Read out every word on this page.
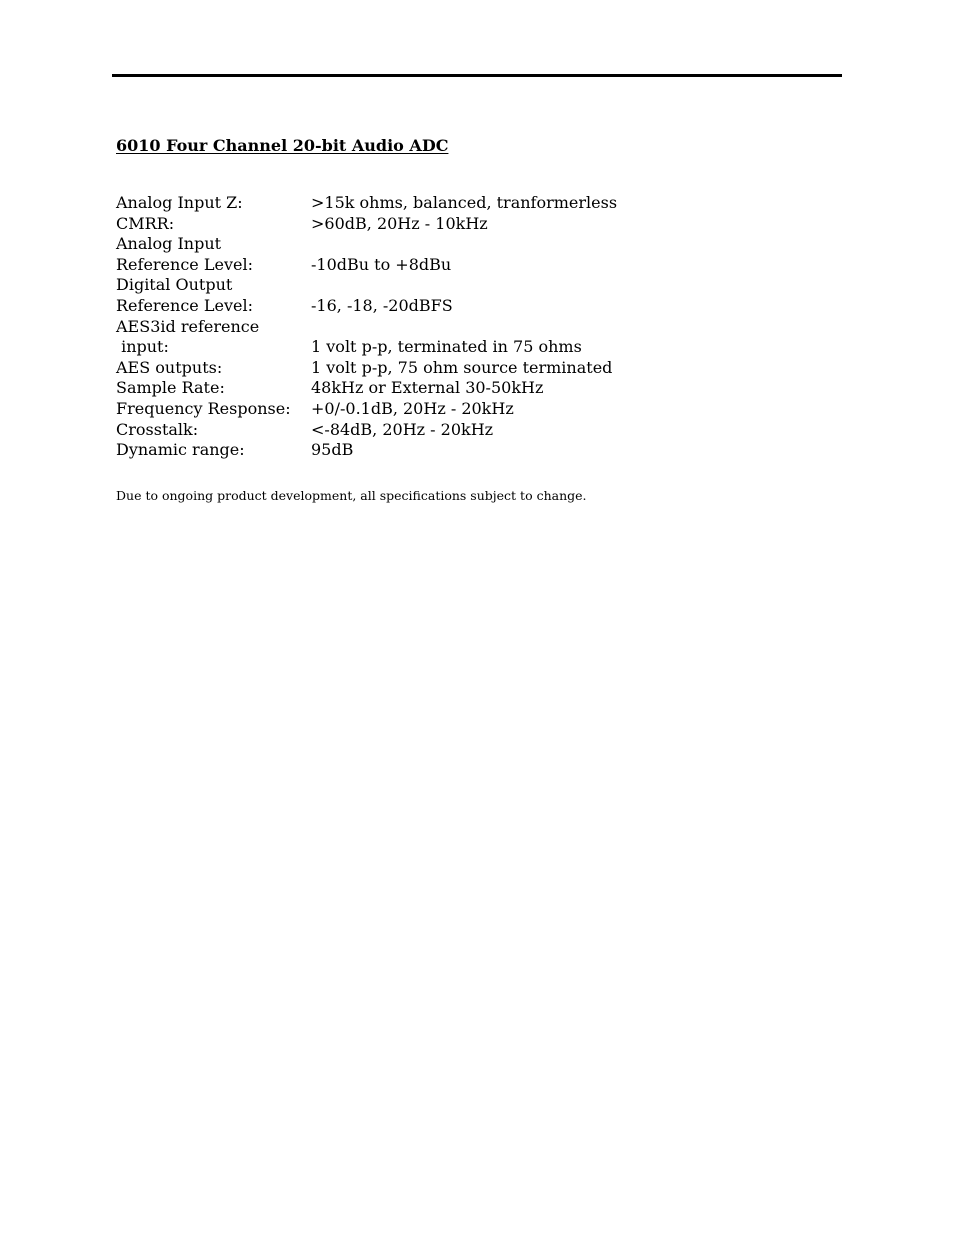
6010 Four Channel 20-bit Audio ADC
Analog Input Z:	>15k ohms, balanced, tranformerless
CMRR:	>60dB, 20Hz - 10kHz
Analog Input
Reference Level:	-10dBu to +8dBu
Digital Output
Reference Level:	-16, -18, -20dBFS
AES3id reference
input:	1 volt p-p, terminated in 75 ohms
AES outputs:	1 volt p-p, 75 ohm source terminated
Sample Rate:	48kHz or External 30-50kHz
Frequency Response: +0/-0.1dB, 20Hz - 20kHz
Crosstalk:	<-84dB, 20Hz - 20kHz
Dynamic range:	95dB
Due to ongoing product development, all specifications subject to change.
